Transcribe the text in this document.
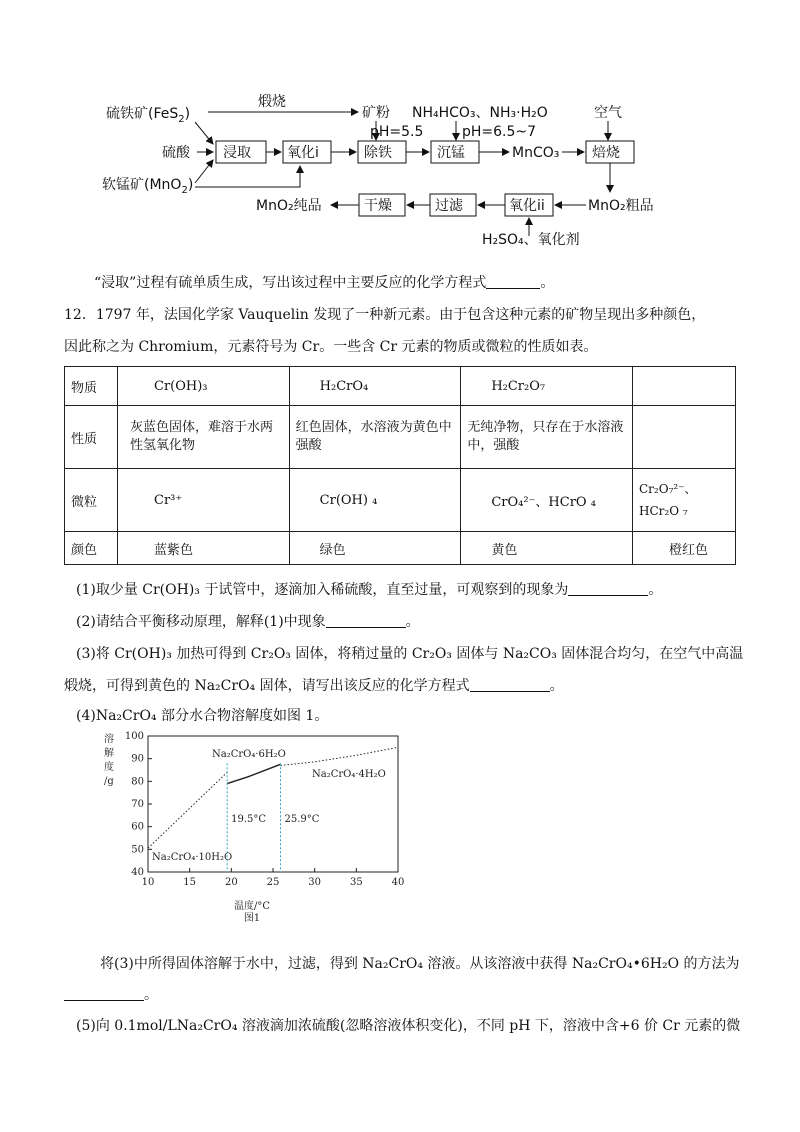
硫铁矿(FeS$_2$)
硫酸
软锰矿(MnO$_2$)
煅烧
矿粉
pH=5.5
NH₄HCO₃、NH₃·H₂O
pH=6.5~7
空气
浸取	氧化i	除铁	沉锰	MnCO₃ 焙烧
MnO₂粗品
氧化ii
H₂SO₄、氧化剂
过滤
干燥
MnO₂纯品
“浸取”过程有硫单质生成，写出该过程中主要反应的化学方程式	。
12．1797 年，法国化学家 Vauquelin 发现了一种新元素。由于包含这种元素的矿物呈现出多种颜色，
因此称之为 Chromium，元素符号为 Cr。一些含 Cr 元素的物质或微粒的性质如表。
物质	Cr(OH)₃	H₂CrO₄	H₂Cr₂O₇	
性质	灰蓝色固体，难溶于水两性氢氧化物	红色固体，水溶液为黄色中强酸	无纯净物，只存在于水溶液中，强酸	
微粒	Cr³⁺	Cr(OH) ₄	CrO₄²⁻、HCrO ₄	Cr₂O₇²⁻、HCr₂O ₇
颜色	蓝紫色	绿色	黄色	橙红色
(1)取少量 Cr(OH)₃ 于试管中，逐滴加入稀硫酸，直至过量，可观察到的现象为	。
(2)请结合平衡移动原理，解释(1)中现象	。
(3)将 Cr(OH)₃ 加热可得到 Cr₂O₃ 固体，将稍过量的 Cr₂O₃ 固体与 Na₂CO₃ 固体混合均匀，在空气中高温
煅烧，可得到黄色的 Na₂CrO₄ 固体，请写出该反应的化学方程式	。
(4)Na₂CrO₄ 部分水合物溶解度如图 1。
溶
解
度
/g
40
50
60
70
80
90
100
10	15	20	25	30	35	40
19.5°C 25.9°C
Na₂CrO₄·6H₂O
Na₂CrO₄·4H₂O
Na₂CrO₄·10H₂O
温度/°C
图1
将(3)中所得固体溶解于水中，过滤，得到 Na₂CrO₄ 溶液。从该溶液中获得 Na₂CrO₄•6H₂O 的方法为
。
(5)向 0.1mol/LNa₂CrO₄ 溶液滴加浓硫酸(忽略溶液体积变化)，不同 pH 下，溶液中含+6 价 Cr 元素的微
